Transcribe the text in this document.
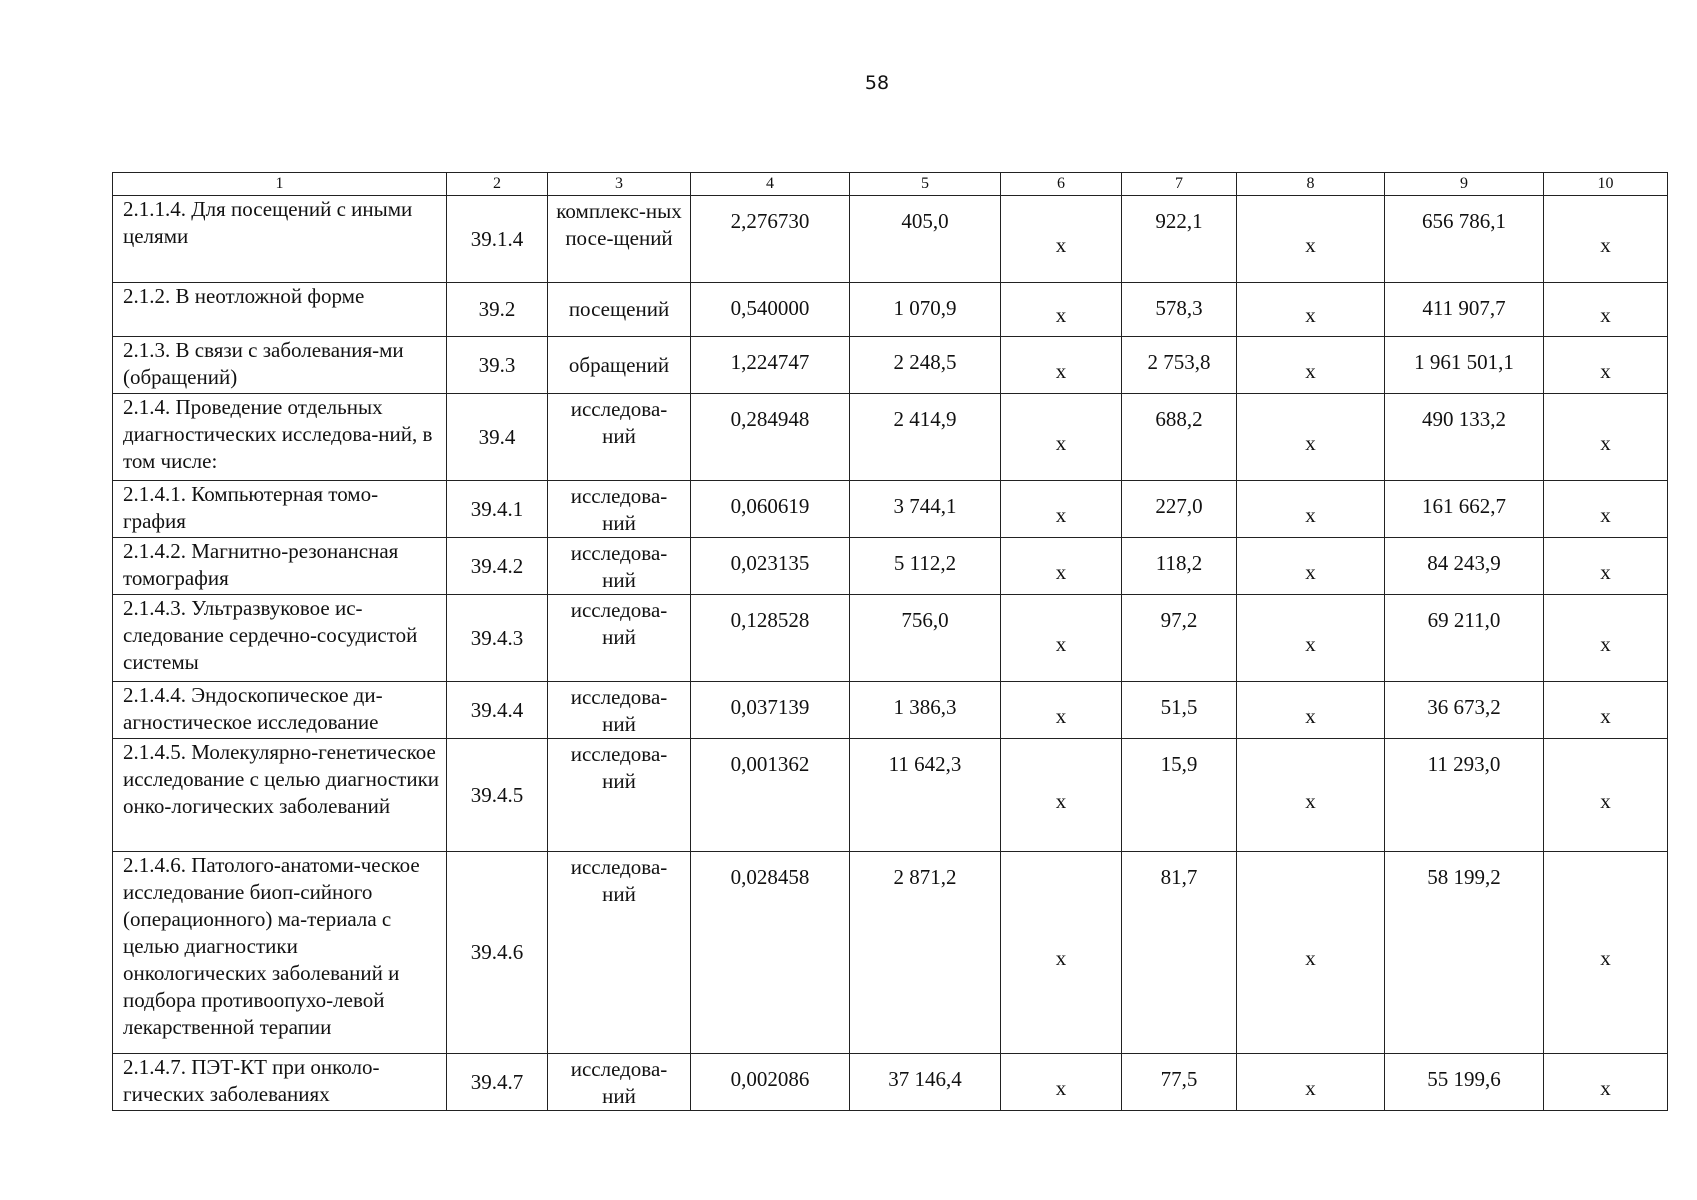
58
1	2	3	4	5	6	7	8	9	10
2.1.1.4. Для посещений с иными целями	39.1.4	комплекс-ных посе-щений	2,276730	405,0	х	922,1	х	656 786,1	х
2.1.2. В неотложной форме	39.2	посещений	0,540000	1 070,9	х	578,3	х	411 907,7	х
2.1.3. В связи с заболевания-ми (обращений)	39.3	обращений	1,224747	2 248,5	х	2 753,8	х	1 961 501,1	х
2.1.4. Проведение отдельных диагностических исследова-ний, в том числе:	39.4	исследова-ний	0,284948	2 414,9	х	688,2	х	490 133,2	х
2.1.4.1. Компьютерная томо-графия	39.4.1	исследова-ний	0,060619	3 744,1	х	227,0	х	161 662,7	х
2.1.4.2. Магнитно-резонансная томография	39.4.2	исследова-ний	0,023135	5 112,2	х	118,2	х	84 243,9	х
2.1.4.3. Ультразвуковое ис-следование сердечно-сосудистой системы	39.4.3	исследова-ний	0,128528	756,0	х	97,2	х	69 211,0	х
2.1.4.4. Эндоскопическое ди-агностическое исследование	39.4.4	исследова-ний	0,037139	1 386,3	х	51,5	х	36 673,2	х
2.1.4.5. Молекулярно-генетическое исследование с целью диагностики онко-логических заболеваний	39.4.5	исследова-ний	0,001362	11 642,3	х	15,9	х	11 293,0	х
2.1.4.6. Патолого-анатоми-ческое исследование биоп-сийного (операционного) ма-териала с целью диагностики онкологических заболеваний и подбора противоопухо-левой лекарственной терапии	39.4.6	исследова-ний	0,028458	2 871,2	х	81,7	х	58 199,2	х
2.1.4.7. ПЭТ-КТ при онколо-гических заболеваниях	39.4.7	исследова-ний	0,002086	37 146,4	х	77,5	х	55 199,6	х
